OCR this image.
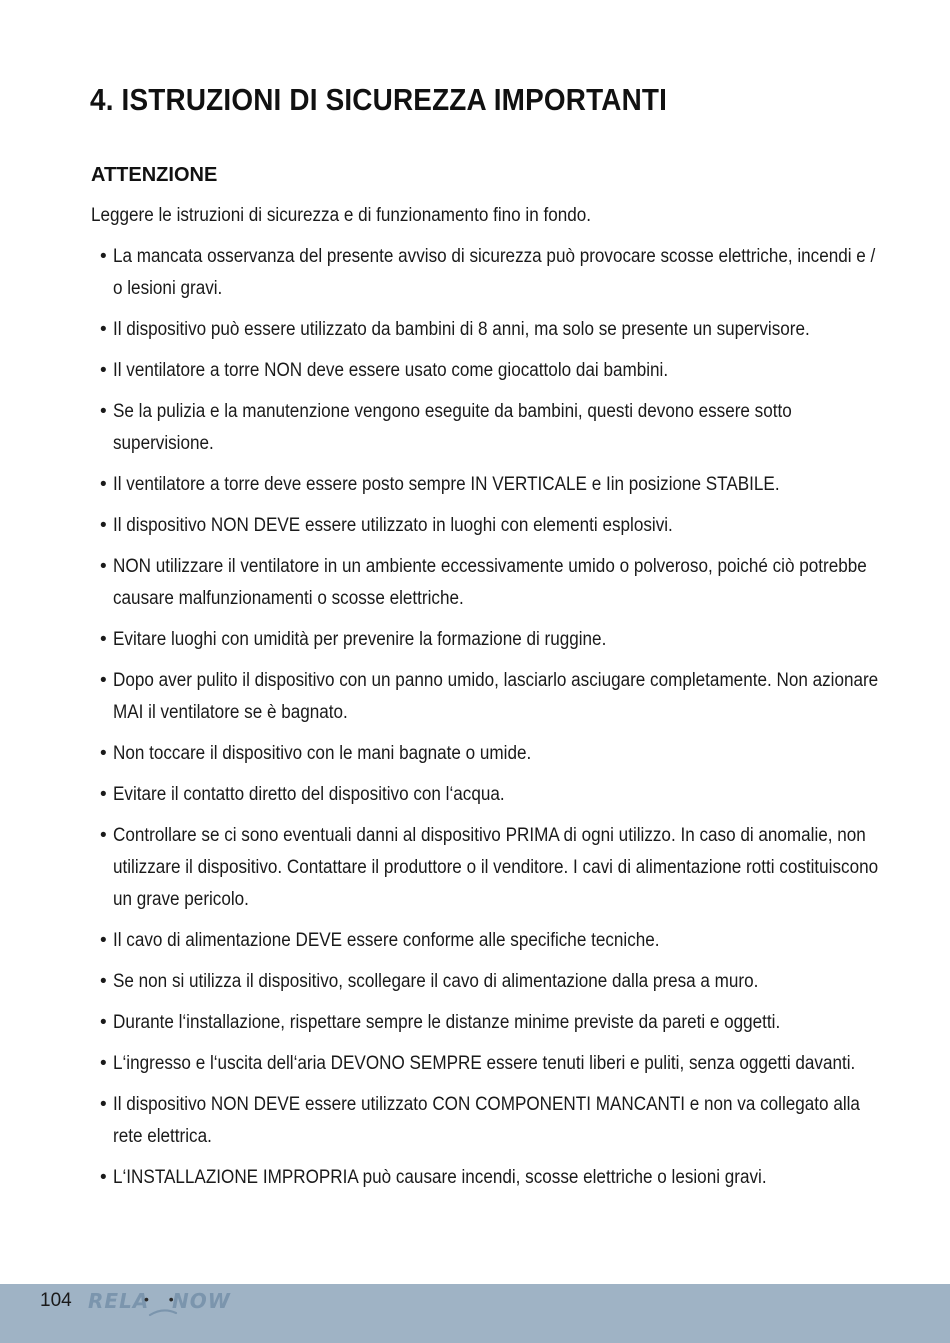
4. ISTRUZIONI DI SICUREZZA IMPORTANTI
ATTENZIONE

Leggere le istruzioni di sicurezza e di funzionamento fino in fondo.

• La mancata osservanza del presente avviso di sicurezza può provocare scosse elettriche, incendi e / o lesioni gravi.
• Il dispositivo può essere utilizzato da bambini di 8 anni, ma solo se presente un supervisore.
• Il ventilatore a torre NON deve essere usato come giocattolo dai bambini.
• Se la pulizia e la manutenzione vengono eseguite da bambini, questi devono essere sotto supervisione.
• Il ventilatore a torre deve essere posto sempre IN VERTICALE e Iin posizione STABILE.
• Il dispositivo NON DEVE essere utilizzato in luoghi con elementi esplosivi.
• NON utilizzare il ventilatore in un ambiente eccessivamente umido o polveroso, poiché ciò potrebbe causare malfunzionamenti o scosse elettriche.
• Evitare luoghi con umidità per prevenire la formazione di ruggine.
• Dopo aver pulito il dispositivo con un panno umido, lasciarlo asciugare completamente. Non azionare MAI il ventilatore se è bagnato.
• Non toccare il dispositivo con le mani bagnate o umide.
• Evitare il contatto diretto del dispositivo con l‘acqua.
• Controllare se ci sono eventuali danni al dispositivo PRIMA di ogni utilizzo. In caso di anomalie, non utilizzare il dispositivo. Contattare il produttore o il venditore. I cavi di alimentazione rotti costituiscono un grave pericolo.
• Il cavo di alimentazione DEVE essere conforme alle specifiche tecniche.
• Se non si utilizza il dispositivo, scollegare il cavo di alimentazione dalla presa a muro.
• Durante l‘installazione, rispettare sempre le distanze minime previste da pareti e oggetti.
• L‘ingresso e l‘uscita dell‘aria DEVONO SEMPRE essere tenuti liberi e puliti, senza oggetti davanti.
• Il dispositivo NON DEVE essere utilizzato CON COMPONENTI MANCANTI e non va collegato alla rete elettrica.
• L‘INSTALLAZIONE IMPROPRIA può causare incendi, scosse elettriche o lesioni gravi.
104 RELA
• •
NOW
